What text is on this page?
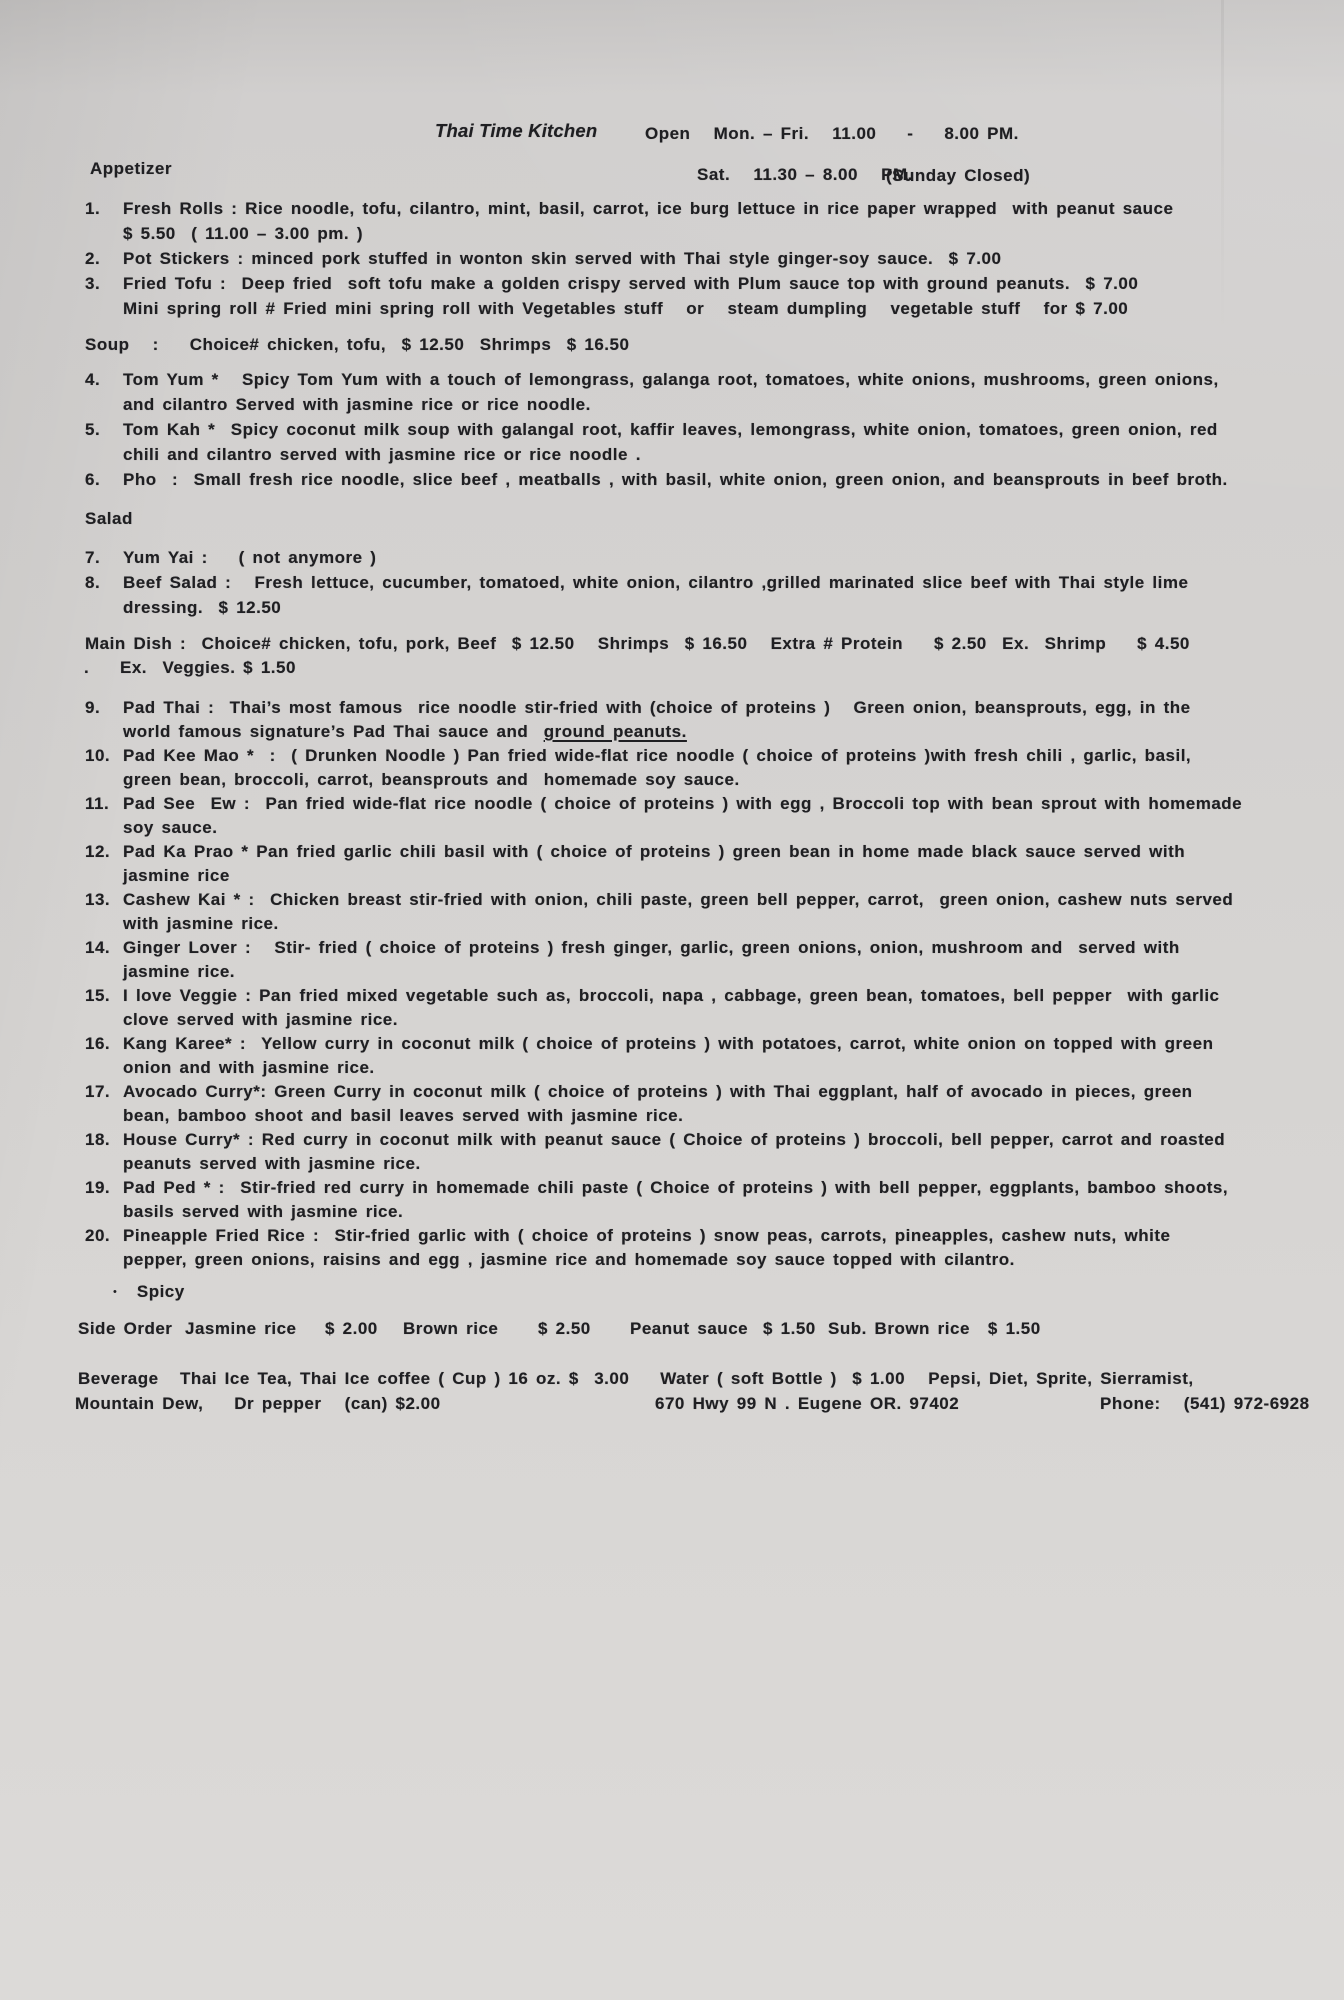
Thai Time Kitchen	Open   Mon. – Fri.   11.00    -    8.00 PM.
Appetizer	Sat.   11.30 – 8.00   PM.
(Sunday Closed)
1.	Fresh Rolls : Rice noodle, tofu, cilantro, mint, basil, carrot, ice burg lettuce in rice paper wrapped  with peanut sauce
$ 5.50  ( 11.00 – 3.00 pm. )
2.	Pot Stickers : minced pork stuffed in wonton skin served with Thai style ginger-soy sauce.  $ 7.00
3.	Fried Tofu :  Deep fried  soft tofu make a golden crispy served with Plum sauce top with ground peanuts.  $ 7.00
Mini spring roll # Fried mini spring roll with Vegetables stuff   or   steam dumpling   vegetable stuff   for $ 7.00
Soup   :    Choice# chicken, tofu,  $ 12.50  Shrimps  $ 16.50
4.	Tom Yum *   Spicy Tom Yum with a touch of lemongrass, galanga root, tomatoes, white onions, mushrooms, green onions,
and cilantro Served with jasmine rice or rice noodle.
5.	Tom Kah *  Spicy coconut milk soup with galangal root, kaffir leaves, lemongrass, white onion, tomatoes, green onion, red
chili and cilantro served with jasmine rice or rice noodle .
6.	Pho  :  Small fresh rice noodle, slice beef , meatballs , with basil, white onion, green onion, and beansprouts in beef broth.
Salad
7.	Yum Yai :    ( not anymore )
8.	Beef Salad :   Fresh lettuce, cucumber, tomatoed, white onion, cilantro ,grilled marinated slice beef with Thai style lime
dressing.  $ 12.50
Main Dish :  Choice# chicken, tofu, pork, Beef  $ 12.50   Shrimps  $ 16.50   Extra # Protein    $ 2.50  Ex.  Shrimp    $ 4.50
.	Ex.  Veggies. $ 1.50
9.	Pad Thai :  Thai’s most famous  rice noodle stir-fried with (choice of proteins )   Green onion, beansprouts, egg, in the
world famous signature’s Pad Thai sauce and  ground peanuts.
10. Pad Kee Mao *  :  ( Drunken Noodle ) Pan fried wide-flat rice noodle ( choice of proteins )with fresh chili , garlic, basil,
green bean, broccoli, carrot, beansprouts and  homemade soy sauce.
11. Pad See  Ew :  Pan fried wide-flat rice noodle ( choice of proteins ) with egg , Broccoli top with bean sprout with homemade
soy sauce.
12. Pad Ka Prao * Pan fried garlic chili basil with ( choice of proteins ) green bean in home made black sauce served with
jasmine rice
13. Cashew Kai * :  Chicken breast stir-fried with onion, chili paste, green bell pepper, carrot,  green onion, cashew nuts served
with jasmine rice.
14. Ginger Lover :   Stir- fried ( choice of proteins ) fresh ginger, garlic, green onions, onion, mushroom and  served with
jasmine rice.
15. I love Veggie : Pan fried mixed vegetable such as, broccoli, napa , cabbage, green bean, tomatoes, bell pepper  with garlic
clove served with jasmine rice.
16. Kang Karee* :  Yellow curry in coconut milk ( choice of proteins ) with potatoes, carrot, white onion on topped with green
onion and with jasmine rice.
17. Avocado Curry*: Green Curry in coconut milk ( choice of proteins ) with Thai eggplant, half of avocado in pieces, green
bean, bamboo shoot and basil leaves served with jasmine rice.
18. House Curry* : Red curry in coconut milk with peanut sauce ( Choice of proteins ) broccoli, bell pepper, carrot and roasted
peanuts served with jasmine rice.
19. Pad Ped * :  Stir-fried red curry in homemade chili paste ( Choice of proteins ) with bell pepper, eggplants, bamboo shoots,
basils served with jasmine rice.
20. Pineapple Fried Rice :  Stir-fried garlic with ( choice of proteins ) snow peas, carrots, pineapples, cashew nuts, white
pepper, green onions, raisins and egg , jasmine rice and homemade soy sauce topped with cilantro.
• Spicy
Side Order Jasmine rice	$ 2.00	Brown rice	$ 2.50	Peanut sauce $ 1.50 Sub. Brown rice $ 1.50
Beverage	Thai Ice Tea, Thai Ice coffee ( Cup ) 16 oz. $  3.00    Water ( soft Bottle )  $ 1.00   Pepsi, Diet, Sprite, Sierramist,
Mountain Dew,    Dr pepper   (can) $2.00	670 Hwy 99 N . Eugene OR. 97402	Phone:   (541) 972-6928
